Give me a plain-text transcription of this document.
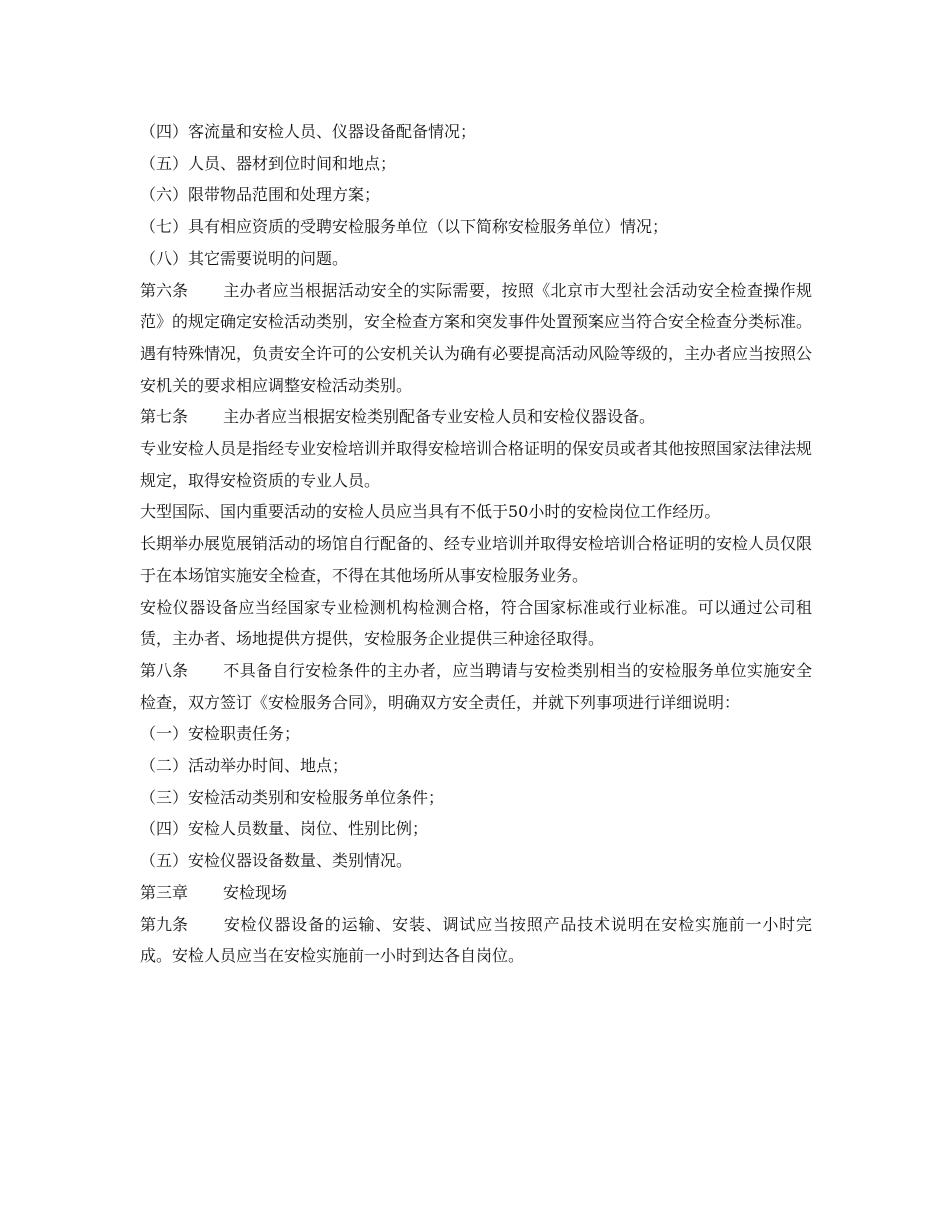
（四）客流量和安检人员、仪器设备配备情况；

（五）人员、器材到位时间和地点；

（六）限带物品范围和处理方案；

（七）具有相应资质的受聘安检服务单位（以下简称安检服务单位）情况；

（八）其它需要说明的问题。

第六条 主办者应当根据活动安全的实际需要，按照《北京市大型社会活动安全检查操作规范》的规定确定安检活动类别，安全检查方案和突发事件处置预案应当符合安全检查分类标准。

遇有特殊情况，负责安全许可的公安机关认为确有必要提高活动风险等级的，主办者应当按照公安机关的要求相应调整安检活动类别。

第七条 主办者应当根据安检类别配备专业安检人员和安检仪器设备。

专业安检人员是指经专业安检培训并取得安检培训合格证明的保安员或者其他按照国家法律法规规定，取得安检资质的专业人员。

大型国际、国内重要活动的安检人员应当具有不低于50小时的安检岗位工作经历。

长期举办展览展销活动的场馆自行配备的、经专业培训并取得安检培训合格证明的安检人员仅限于在本场馆实施安全检查，不得在其他场所从事安检服务业务。

安检仪器设备应当经国家专业检测机构检测合格，符合国家标准或行业标准。可以通过公司租赁，主办者、场地提供方提供，安检服务企业提供三种途径取得。

第八条 不具备自行安检条件的主办者，应当聘请与安检类别相当的安检服务单位实施安全检查，双方签订《安检服务合同》，明确双方安全责任，并就下列事项进行详细说明：

（一）安检职责任务；

（二）活动举办时间、地点；

（三）安检活动类别和安检服务单位条件；

（四）安检人员数量、岗位、性别比例；

（五）安检仪器设备数量、类别情况。

第三章 安检现场

第九条 安检仪器设备的运输、安装、调试应当按照产品技术说明在安检实施前一小时完成。安检人员应当在安检实施前一小时到达各自岗位。
